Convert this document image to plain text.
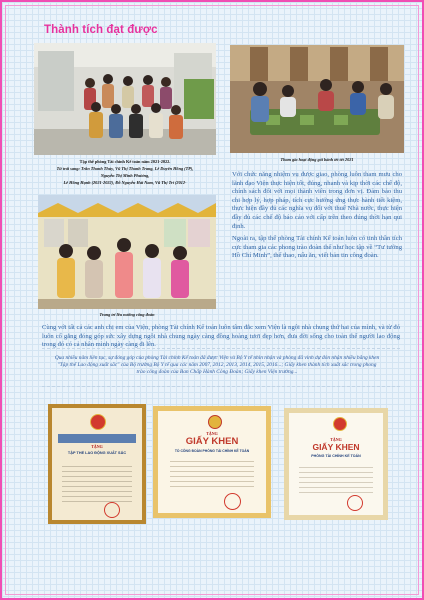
Thành tích đạt được
Tập thể phòng Tài chính Kế toán năm 2021-2022.
Từ trái sang: Trần Thanh Thủy, Vũ Thị Thanh Trang, Lê Duyên Hồng (TP),
Nguyễn Thị Minh Phương,
Lê Hồng Hạnh (2021-2022), Đỗ Nguyễn Hải Nam, Vũ Thị Trí (2012-
Tham gia hoạt động gói bánh tét tết 2021
Trang trí lều nướng công đoàn

Với chức năng nhiệm vụ được giao, phòng luôn tham mưu cho lãnh đạo Viện thực hiện tốt, đúng, nhanh và kịp thời các chế độ, chính sách đối với mọi thành viên trong đơn vị. Đảm bảo thu chi hợp lý, hợp pháp, tích cực hướng ứng thực hành tiết kiệm, thực hiện đầy đủ các nghĩa vụ đối với thuế Nhà nước, thực hiện đầy đủ các chế độ báo cáo với cấp trên theo đúng thời hạn qui định.

Ngoài ra, tập thể phòng Tài chính Kế toán luôn có tinh thần tích cực tham gia các phong trào đoàn thể như học tập về “Tư tưởng Hồ Chí Minh”, thể thao, nấu ăn, viết bản tin công đoàn.

Cùng với tất cả các anh chị em của Viện, phòng Tài chính Kế toán luôn tâm đắc xem Viện là ngôi nhà chung thứ hai của mình, và từ đó luôn cố gắng đóng góp sức xây dựng ngôi nhà chung ngày càng đồng hoàng tươi đẹp hơn, đưa đời sống cho toàn thể người lao động trong đó có cả nhân mình ngày càng đi lên.
Qua nhiều năm liên tục, sự đóng góp của phòng Tài chính Kế toán đã được Viện và Bộ Y tế nhìn nhận và phòng đã vinh dự đón nhận nhiều bằng khen "Tập thể Lao động xuất sắc" của Bộ trưởng Bộ Y tế qua các năm 2007, 2012, 2013, 2014, 2015, 2016...; Giấy khen thành tích xuất sắc trong phong trào công đoàn của Ban Chấp Hành Công Đoàn; Giấy khen Viện trưởng...
TẶNG
TẬP THỂ LAO ĐỘNG XUẤT SẮC
TẶNG
GIẤY KHEN
TỔ CÔNG ĐOÀN PHÒNG TÀI CHÍNH KẾ TOÁN
TẶNG
GIẤY KHEN
PHÒNG TÀI CHÍNH KẾ TOÁN
